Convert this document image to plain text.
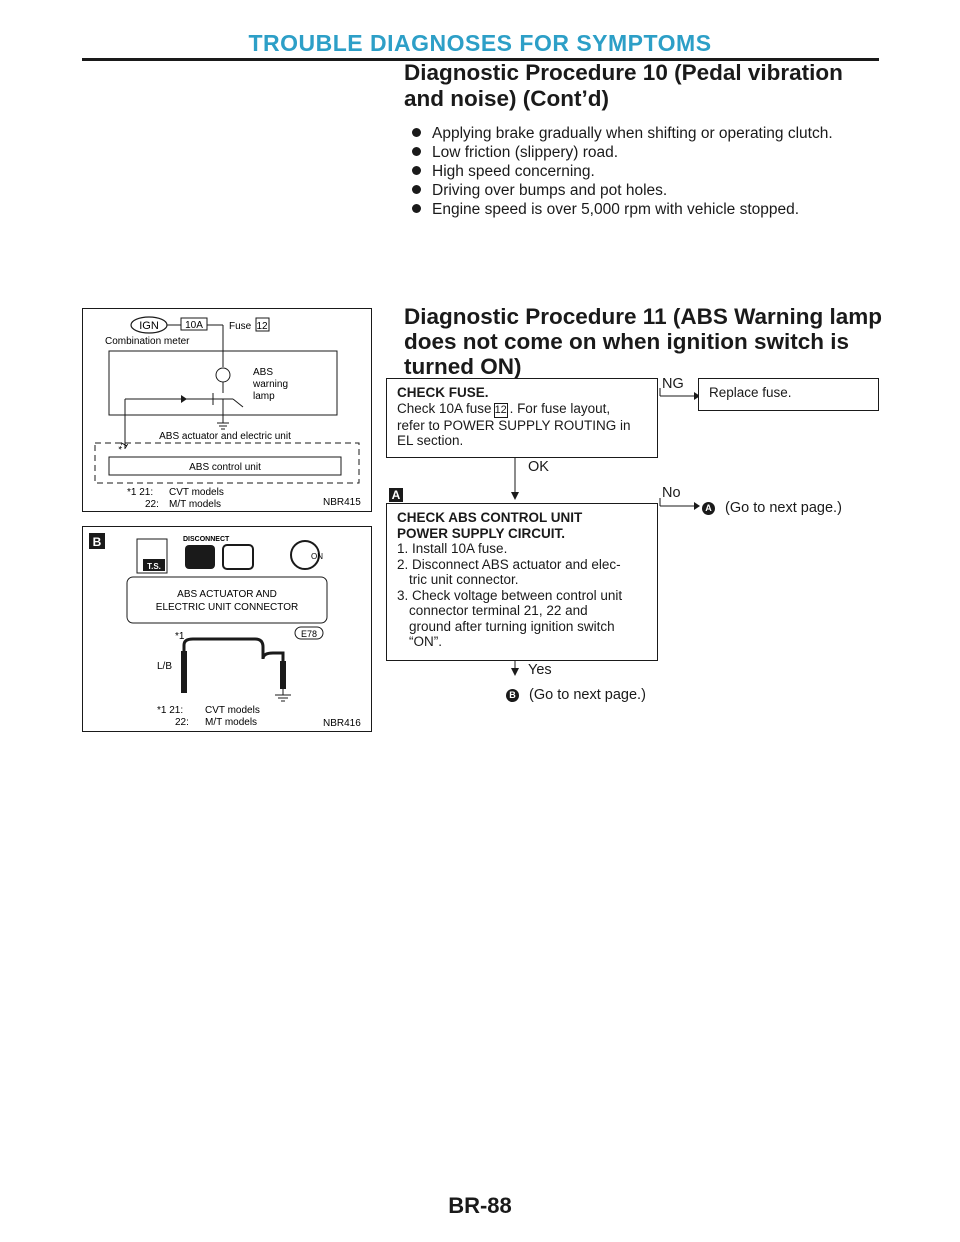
TROUBLE DIAGNOSES FOR SYMPTOMS
Diagnostic Procedure 10 (Pedal vibration and noise) (Cont’d)
Applying brake gradually when shifting or operating clutch.
Low friction (slippery) road.
High speed concerning.
Driving over bumps and pot holes.
Engine speed is over 5,000 rpm with vehicle stopped.
IGN	10A	Fuse 12
Combination meter
ABS
warning
lamp
ABS actuator and electric unit
*1
ABS control unit
*1 21:
22:
CVT models
M/T models	NBR415
B
T.S.
DISCONNECT
ON
ABS ACTUATOR AND
ELECTRIC UNIT CONNECTOR
*1	E78
L/B
*1 21:
22:
CVT models
M/T models	NBR416
Diagnostic Procedure 11 (ABS Warning lamp does not come on when ignition switch is turned ON)
CHECK FUSE.
Check 10A fuse 12 . For fuse layout,
refer to POWER SUPPLY ROUTING in
EL section.
NG
Replace fuse.
OK
A
CHECK ABS CONTROL UNIT
POWER SUPPLY CIRCUIT.
1. Install 10A fuse.
2. Disconnect ABS actuator and elec-
tric unit connector.
3. Check voltage between control unit
connector terminal 21, 22 and
ground after turning ignition switch
“ON”.
No
A (Go to next page.)
Yes
B (Go to next page.)
BR-88
